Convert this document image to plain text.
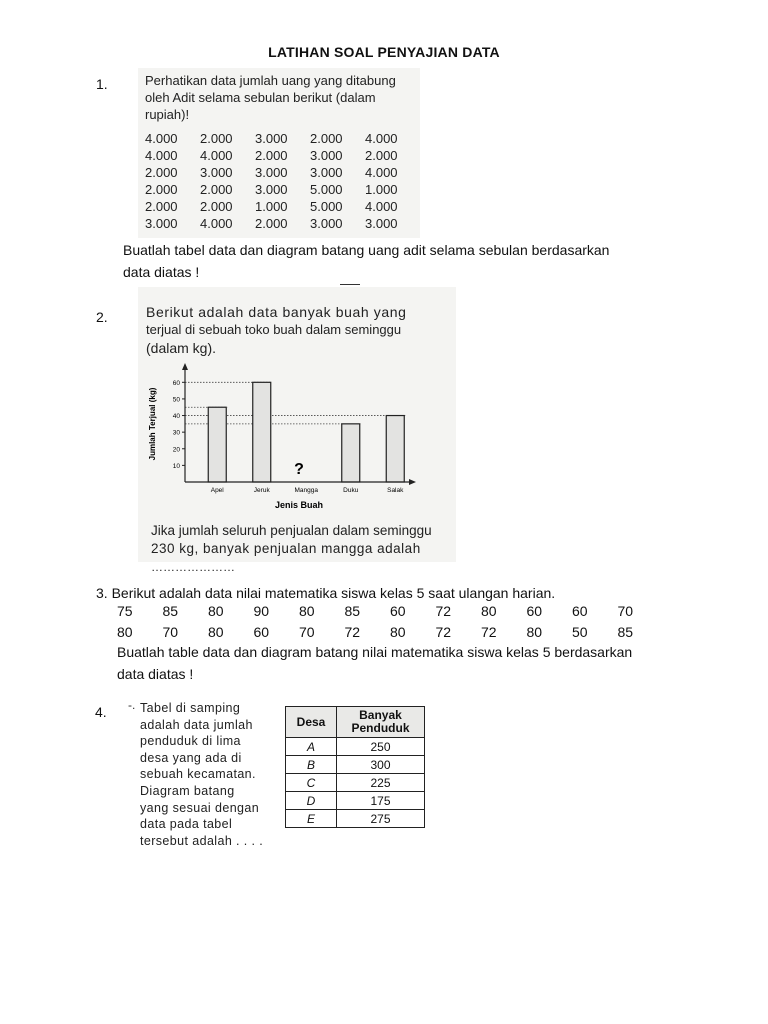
LATIHAN SOAL PENYAJIAN DATA
1.	Perhatikan data jumlah uang yang ditabung
oleh Adit selama sebulan berikut (dalam
rupiah)!
4.000	2.000	3.000	2.000	4.000
4.000	4.000	2.000	3.000	2.000
2.000	3.000	3.000	3.000	4.000
2.000	2.000	3.000	5.000	1.000
2.000	2.000	1.000	5.000	4.000
3.000	4.000	2.000	3.000	3.000
Buatlah tabel data dan diagram batang uang adit selama sebulan berdasarkan
data diatas !
2.	Berikut adalah data banyak buah yang
terjual di sebuah toko buah dalam seminggu
(dalam kg).
Jumlah Terjual (kg)
10
20
30
40
50
60
Apel	Jeruk	Mangga	Duku	Salak
?
Jenis Buah
Jika jumlah seluruh penjualan dalam seminggu
230 kg, banyak penjualan mangga adalah
…………………
3. Berikut adalah data nilai matematika siswa kelas 5 saat ulangan harian.
75	85	80	90	80	85	60	72	80	60	60	70
80	70	80	60	70	72	80	72	72	80	50	85
Buatlah table data dan diagram batang nilai matematika siswa kelas 5 berdasarkan
data diatas !
4. -. Tabel di samping
adalah data jumlah
penduduk di lima
desa yang ada di
sebuah kecamatan.
Diagram batang
yang sesuai dengan
data pada tabel
tersebut adalah . . . .
Desa	Banyak
Penduduk

A	250
B	300
C	225
D	175
E	275
